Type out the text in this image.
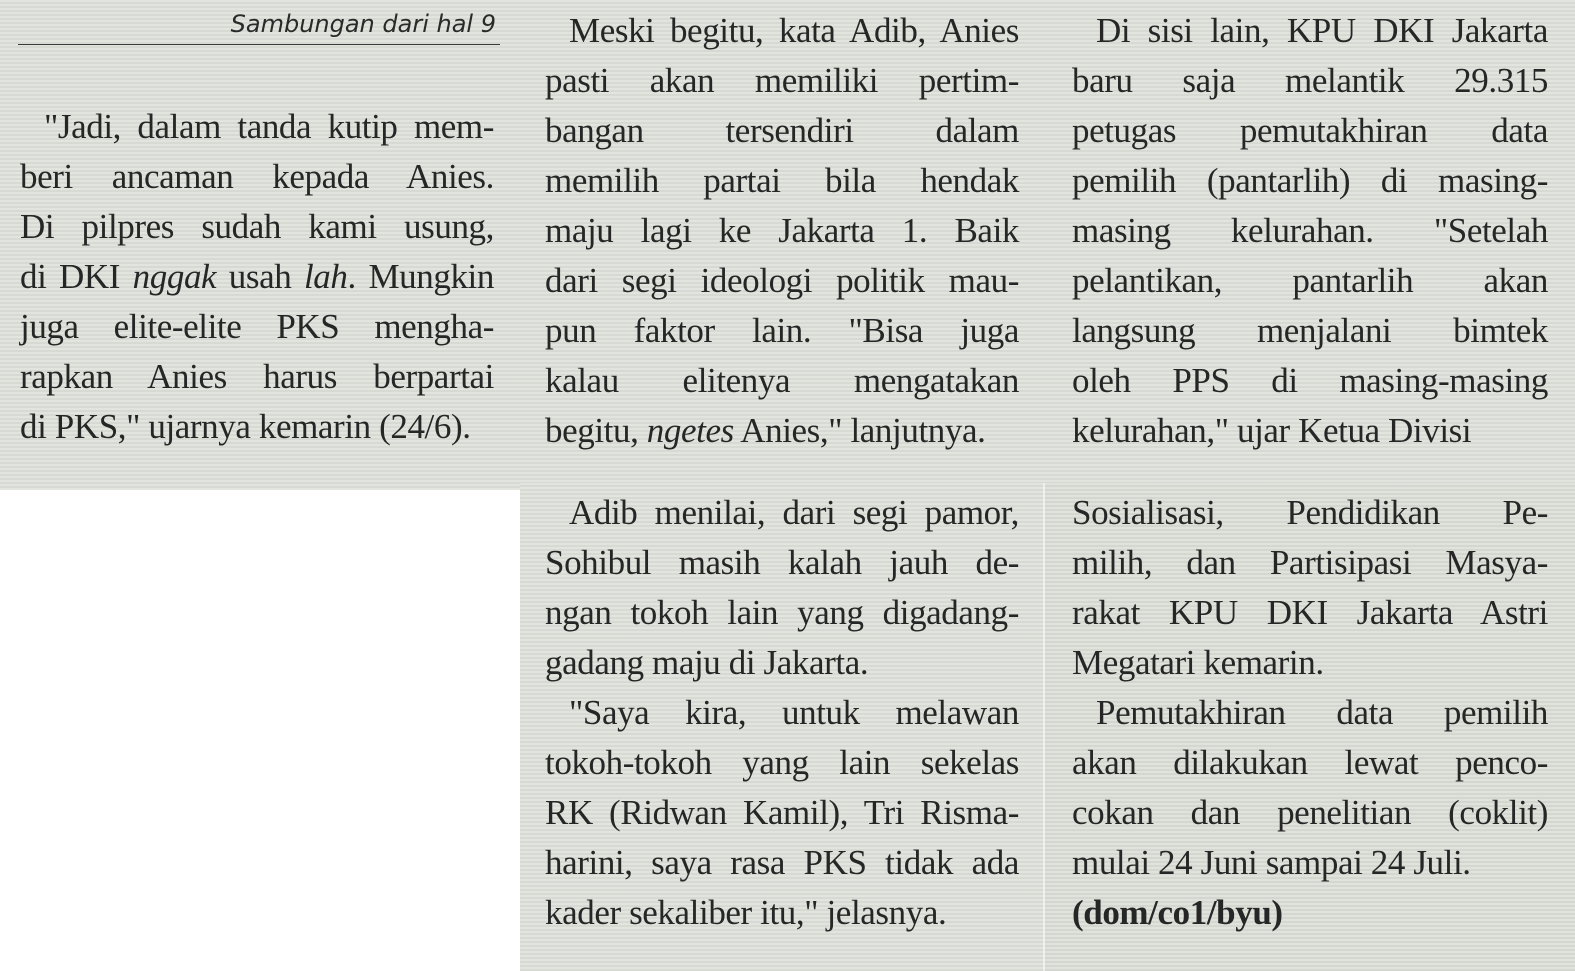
Sambungan dari hal 9

"Jadi, dalam tanda kutip mem-
beri ancaman kepada Anies.
Di pilpres sudah kami usung,
di DKI nggak usah lah. Mungkin
juga elite-elite PKS mengha-
rapkan Anies harus berpartai
di PKS," ujarnya kemarin (24/6).

Meski begitu, kata Adib, Anies
pasti akan memiliki pertim-
bangan tersendiri dalam
memilih partai bila hendak
maju lagi ke Jakarta 1. Baik
dari segi ideologi politik mau-
pun faktor lain. "Bisa juga
kalau elitenya mengatakan
begitu, ngetes Anies," lanjutnya.

Di sisi lain, KPU DKI Jakarta
baru saja melantik 29.315
petugas pemutakhiran data
pemilih (pantarlih) di masing-
masing kelurahan. "Setelah
pelantikan, pantarlih akan
langsung menjalani bimtek
oleh PPS di masing-masing
kelurahan," ujar Ketua Divisi

Adib menilai, dari segi pamor,
Sohibul masih kalah jauh de-
ngan tokoh lain yang digadang-
gadang maju di Jakarta.

"Saya kira, untuk melawan
tokoh-tokoh yang lain sekelas
RK (Ridwan Kamil), Tri Risma-
harini, saya rasa PKS tidak ada
kader sekaliber itu," jelasnya.

Sosialisasi, Pendidikan Pe-
milih, dan Partisipasi Masya-
rakat KPU DKI Jakarta Astri
Megatari kemarin.

Pemutakhiran data pemilih
akan dilakukan lewat penco-
cokan dan penelitian (coklit)
mulai 24 Juni sampai 24 Juli.

(dom/co1/byu)
